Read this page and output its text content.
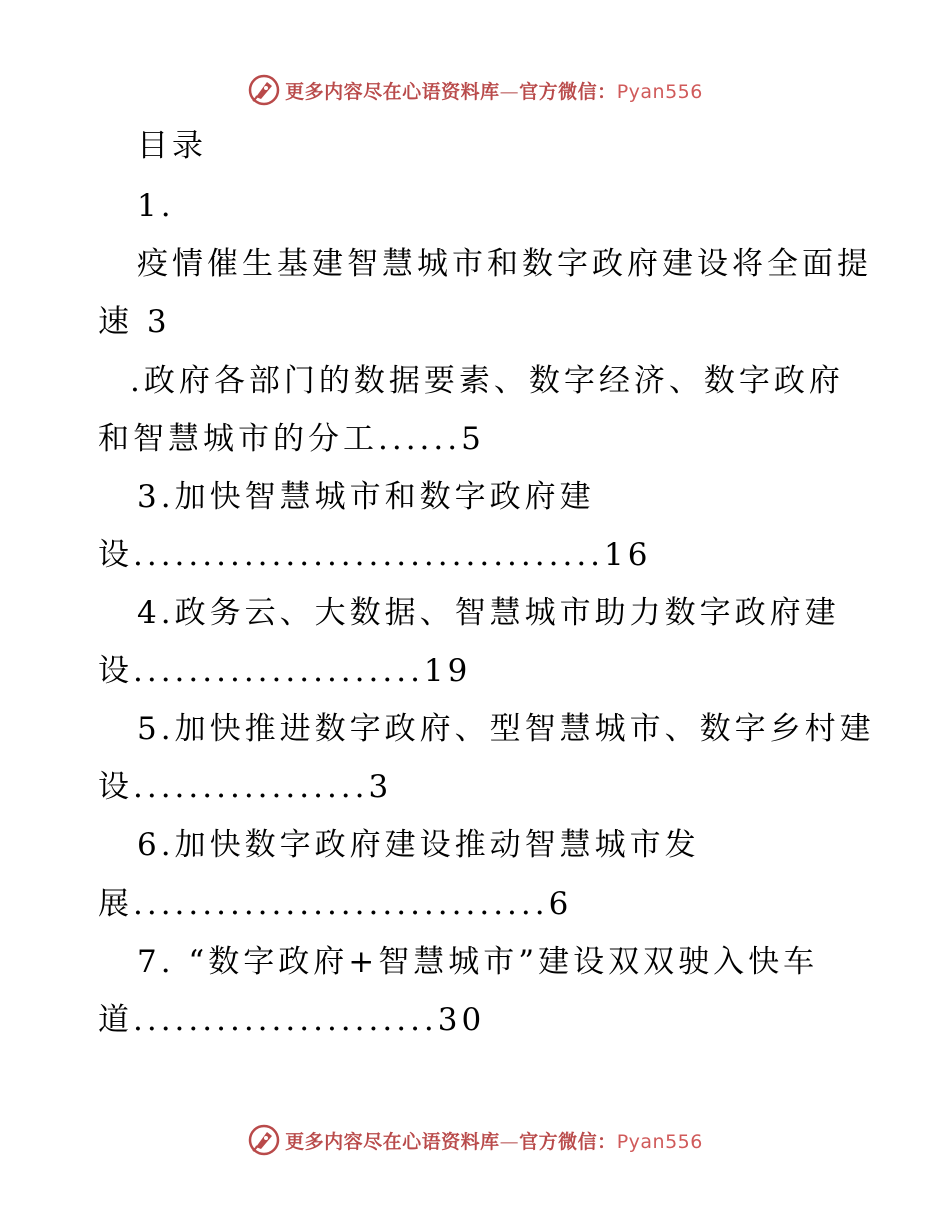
更多内容尽在心语资料库—官方微信：Pyan556
目录
1.
疫情催生基建智慧城市和数字政府建设将全面提
速 3
.政府各部门的数据要素、数字经济、数字政府
和智慧城市的分工......5
3.加快智慧城市和数字政府建
设..................................16
4.政务云、大数据、智慧城市助力数字政府建
设.....................19
5.加快推进数字政府、型智慧城市、数字乡村建
设.................3
6.加快数字政府建设推动智慧城市发
展..............................6
7. “数字政府+智慧城市”建设双双驶入快车
道......................30
更多内容尽在心语资料库—官方微信：Pyan556
